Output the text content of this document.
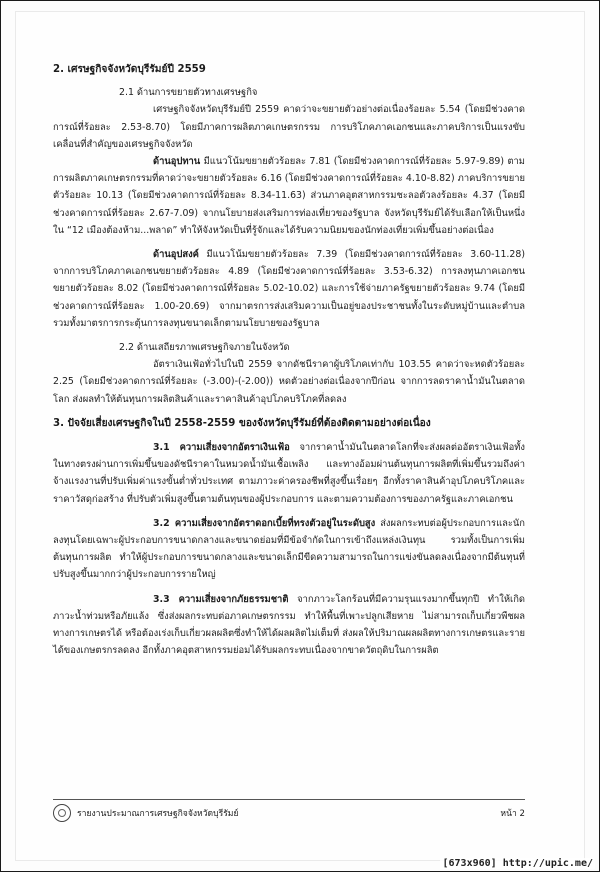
2. เศรษฐกิจจังหวัดบุรีรัมย์ปี 2559

2.1 ด้านการขยายตัวทางเศรษฐกิจ

เศรษฐกิจจังหวัดบุรีรัมย์ปี 2559 คาดว่าจะขยายตัวอย่างต่อเนื่องร้อยละ 5.54 (โดยมีช่วงคาดการณ์ที่ร้อยละ 2.53-8.70) โดยมีภาคการผลิตภาคเกษตรกรรม การบริโภคภาคเอกชนและภาคบริการเป็นแรงขับเคลื่อนที่สำคัญของเศรษฐกิจจังหวัด

ด้านอุปทาน มีแนวโน้มขยายตัวร้อยละ 7.81 (โดยมีช่วงคาดการณ์ที่ร้อยละ 5.97-9.89) ตามการผลิตภาคเกษตรกรรมที่คาดว่าจะขยายตัวร้อยละ 6.16 (โดยมีช่วงคาดการณ์ที่ร้อยละ 4.10-8.82) ภาคบริการขยายตัวร้อยละ 10.13 (โดยมีช่วงคาดการณ์ที่ร้อยละ 8.34-11.63) ส่วนภาคอุตสาหกรรมชะลอตัวลงร้อยละ 4.37 (โดยมีช่วงคาดการณ์ที่ร้อยละ 2.67-7.09) จากนโยบายส่งเสริมการท่องเที่ยวของรัฐบาล จังหวัดบุรีรัมย์ได้รับเลือกให้เป็นหนึ่งใน “12 เมืองต้องห้าม...พลาด” ทำให้จังหวัดเป็นที่รู้จักและได้รับความนิยมของนักท่องเที่ยวเพิ่มขึ้นอย่างต่อเนื่อง

ด้านอุปสงค์ มีแนวโน้มขยายตัวร้อยละ 7.39 (โดยมีช่วงคาดการณ์ที่ร้อยละ 3.60-11.28) จากการบริโภคภาคเอกชนขยายตัวร้อยละ 4.89 (โดยมีช่วงคาดการณ์ที่ร้อยละ 3.53-6.32) การลงทุนภาคเอกชนขยายตัวร้อยละ 8.02 (โดยมีช่วงคาดการณ์ที่ร้อยละ 5.02-10.02) และการใช้จ่ายภาครัฐขยายตัวร้อยละ 9.74 (โดยมีช่วงคาดการณ์ที่ร้อยละ 1.00-20.69) จากมาตรการส่งเสริมความเป็นอยู่ของประชาชนทั้งในระดับหมู่บ้านและตำบล รวมทั้งมาตรการกระตุ้นการลงทุนขนาดเล็กตามนโยบายของรัฐบาล

2.2 ด้านเสถียรภาพเศรษฐกิจภายในจังหวัด

อัตราเงินเฟ้อทั่วไปในปี 2559 จากดัชนีราคาผู้บริโภคเท่ากับ 103.55 คาดว่าจะหดตัวร้อยละ 2.25 (โดยมีช่วงคาดการณ์ที่ร้อยละ (-3.00)-(-2.00)) หดตัวอย่างต่อเนื่องจากปีก่อน จากการลดราคาน้ำมันในตลาดโลก ส่งผลทำให้ต้นทุนการผลิตสินค้าและราคาสินค้าอุปโภคบริโภคที่ลดลง

3. ปัจจัยเสี่ยงเศรษฐกิจในปี 2558-2559 ของจังหวัดบุรีรัมย์ที่ต้องติดตามอย่างต่อเนื่อง

3.1 ความเสี่ยงจากอัตราเงินเฟ้อ จากราคาน้ำมันในตลาดโลกที่จะส่งผลต่ออัตราเงินเฟ้อทั้ง ในทางตรงผ่านการเพิ่มขึ้นของดัชนีราคาในหมวดน้ำมันเชื้อเพลิง และทางอ้อมผ่านต้นทุนการผลิตที่เพิ่มขึ้นรวมถึงค่าจ้างแรงงานที่ปรับเพิ่มค่าแรงขั้นต่ำทั่วประเทศ ตามภาวะค่าครองชีพที่สูงขึ้นเรื่อยๆ อีกทั้งราคาสินค้าอุปโภคบริโภคและราคาวัสดุก่อสร้าง ที่ปรับตัวเพิ่มสูงขึ้นตามต้นทุนของผู้ประกอบการ และตามความต้องการของภาครัฐและภาคเอกชน

3.2 ความเสี่ยงจากอัตราดอกเบี้ยที่ทรงตัวอยู่ในระดับสูง ส่งผลกระทบต่อผู้ประกอบการและนักลงทุนโดยเฉพาะผู้ประกอบการขนาดกลางและขนาดย่อมที่มีข้อจำกัดในการเข้าถึงแหล่งเงินทุน รวมทั้งเป็นการเพิ่มต้นทุนการผลิต ทำให้ผู้ประกอบการขนาดกลางและขนาดเล็กมีขีดความสามารถในการแข่งขันลดลงเนื่องจากมีต้นทุนที่ปรับสูงขึ้นมากกว่าผู้ประกอบการรายใหญ่

3.3 ความเสี่ยงจากภัยธรรมชาติ จากภาวะโลกร้อนที่มีความรุนแรงมากขึ้นทุกปี ทำให้เกิดภาวะน้ำท่วมหรือภัยแล้ง ซึ่งส่งผลกระทบต่อภาคเกษตรกรรม ทำให้พื้นที่เพาะปลูกเสียหาย ไม่สามารถเก็บเกี่ยวพืชผลทางการเกษตรได้ หรือต้องเร่งเก็บเกี่ยวผลผลิตซึ่งทำให้ได้ผลผลิตไม่เต็มที่ ส่งผลให้ปริมาณผลผลิตทางการเกษตรและรายได้ของเกษตรกรลดลง อีกทั้งภาคอุตสาหกรรมย่อมได้รับผลกระทบเนื่องจากขาดวัตถุดิบในการผลิต

รายงานประมาณการเศรษฐกิจจังหวัดบุรีรัมย์	หน้า 2
[673x960] http://upic.me/
